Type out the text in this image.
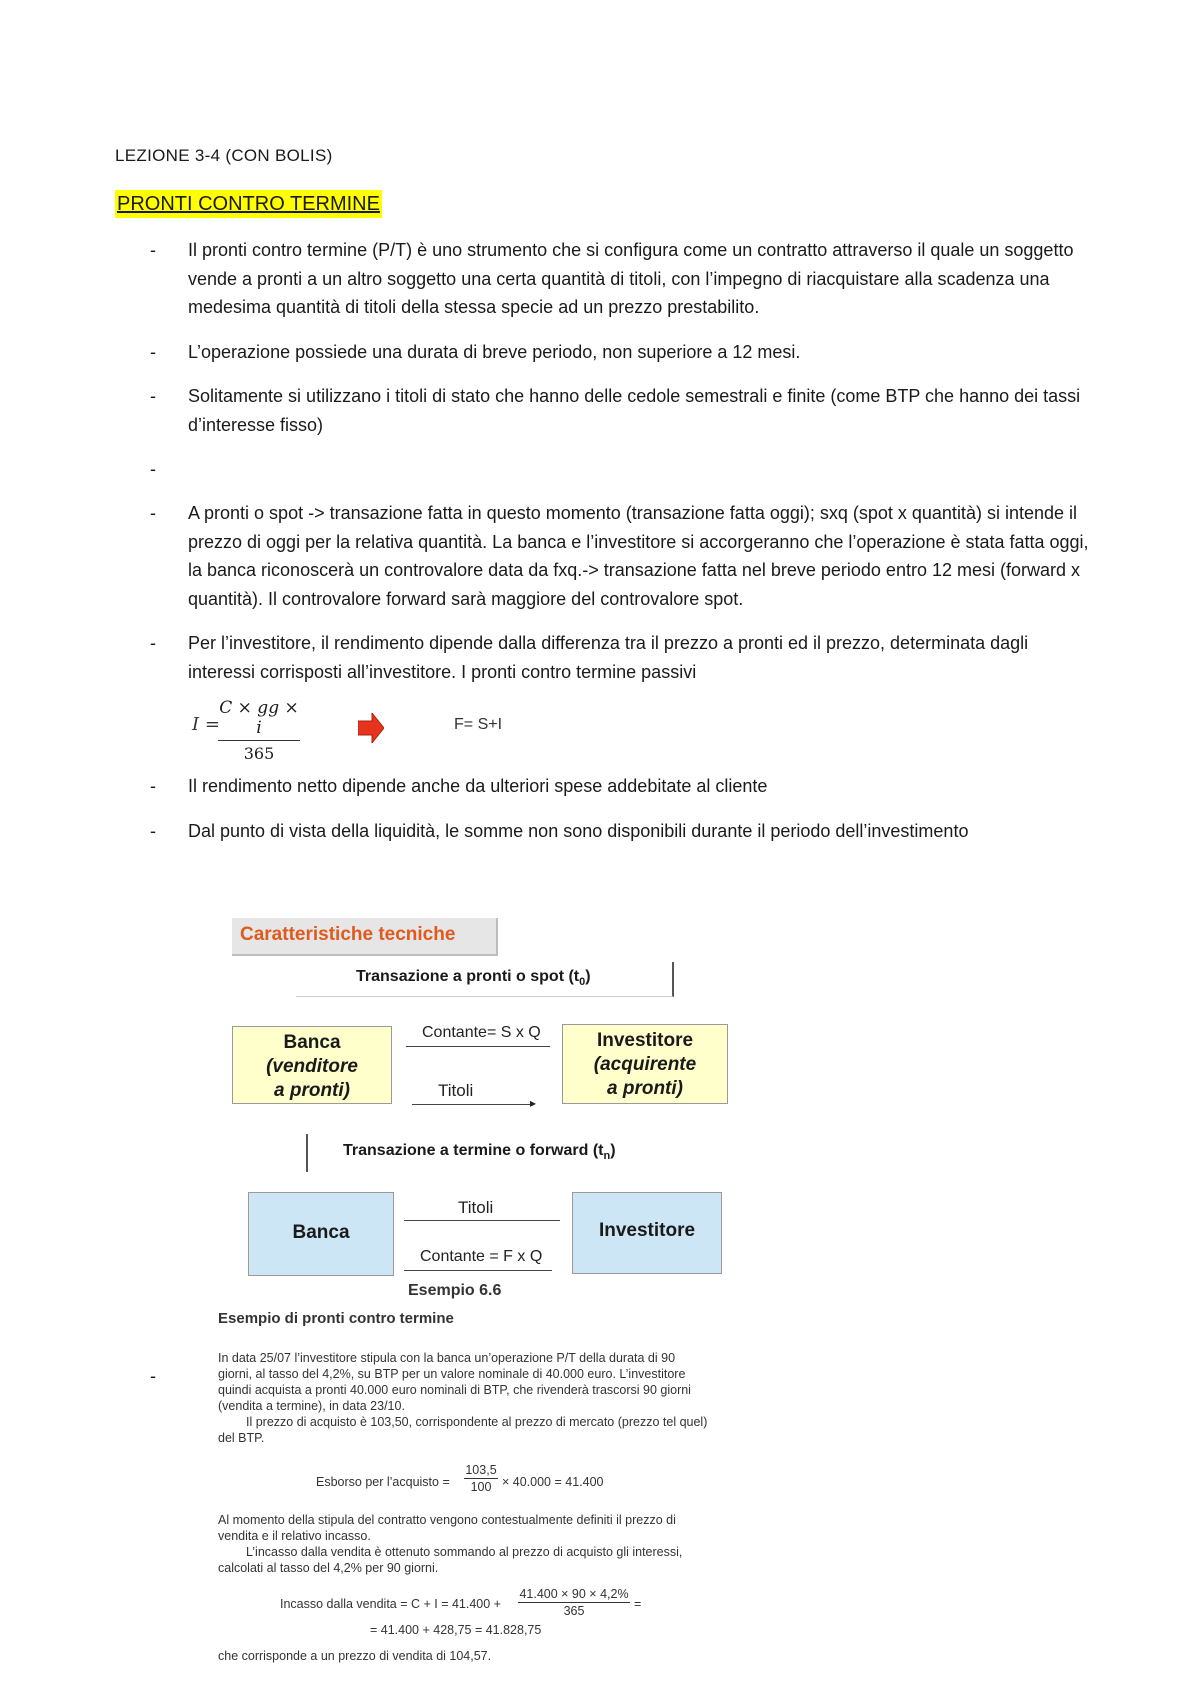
LEZIONE 3-4 (CON BOLIS)
PRONTI CONTRO TERMINE
- Il pronti contro termine (P/T) è uno strumento che si configura come un contratto attraverso il quale un soggetto vende a pronti a un altro soggetto una certa quantità di titoli, con l’impegno di riacquistare alla scadenza una medesima quantità di titoli della stessa specie ad un prezzo prestabilito.
- L’operazione possiede una durata di breve periodo, non superiore a 12 mesi.
- Solitamente si utilizzano i titoli di stato che hanno delle cedole semestrali e finite (come BTP che hanno dei tassi d’interesse fisso)
-
- A pronti o spot -> transazione fatta in questo momento (transazione fatta oggi); sxq (spot x quantità) si intende il prezzo di oggi per la relativa quantità. La banca e l’investitore si accorgeranno che l’operazione è stata fatta oggi, la banca riconoscerà un controvalore data da fxq.-> transazione fatta nel breve periodo entro 12 mesi (forward x quantità). Il controvalore forward sarà maggiore del controvalore spot.
- Per l’investitore, il rendimento dipende dalla differenza tra il prezzo a pronti ed il prezzo, determinata dagli interessi corrisposti all’investitore. I pronti contro termine passivi
I =
$\frac{C \times gg \times i}{365}$	F= S+I
- Il rendimento netto dipende anche da ulteriori spese addebitate al cliente
- Dal punto di vista della liquidità, le somme non sono disponibili durante il periodo dell’investimento
Caratteristiche tecniche
Transazione a pronti o spot $(t_0)$
Banca
(venditore
a pronti)
Contante= S x Q
Titoli
▸
Investitore
(acquirente
a pronti)
Transazione a termine o forward $(t_n)$
Banca
Titoli
Contante = F x Q
Investitore
Esempio 6.6
Esempio di pronti contro termine
-
In data 25/07 l’investitore stipula con la banca un’operazione P/T della durata di 90 giorni, al tasso del 4,2%, su BTP per un valore nominale di 40.000 euro. L’investitore quindi acquista a pronti 40.000 euro nominali di BTP, che rivenderà trascorsi 90 giorni (vendita a termine), in data 23/10.
Il prezzo di acquisto è 103,50, corrispondente al prezzo di mercato (prezzo tel quel) del BTP.
Esborso per l’acquisto =
103,5
100 × 40.000 = 41.400
Al momento della stipula del contratto vengono contestualmente definiti il prezzo di vendita e il relativo incasso.
L’incasso dalla vendita è ottenuto sommando al prezzo di acquisto gli interessi, calcolati al tasso del 4,2% per 90 giorni.
Incasso dalla vendita = C + I = 41.400 +
41.400 × 90 × 4,2%
365	=
= 41.400 + 428,75 = 41.828,75
che corrisponde a un prezzo di vendita di 104,57.
